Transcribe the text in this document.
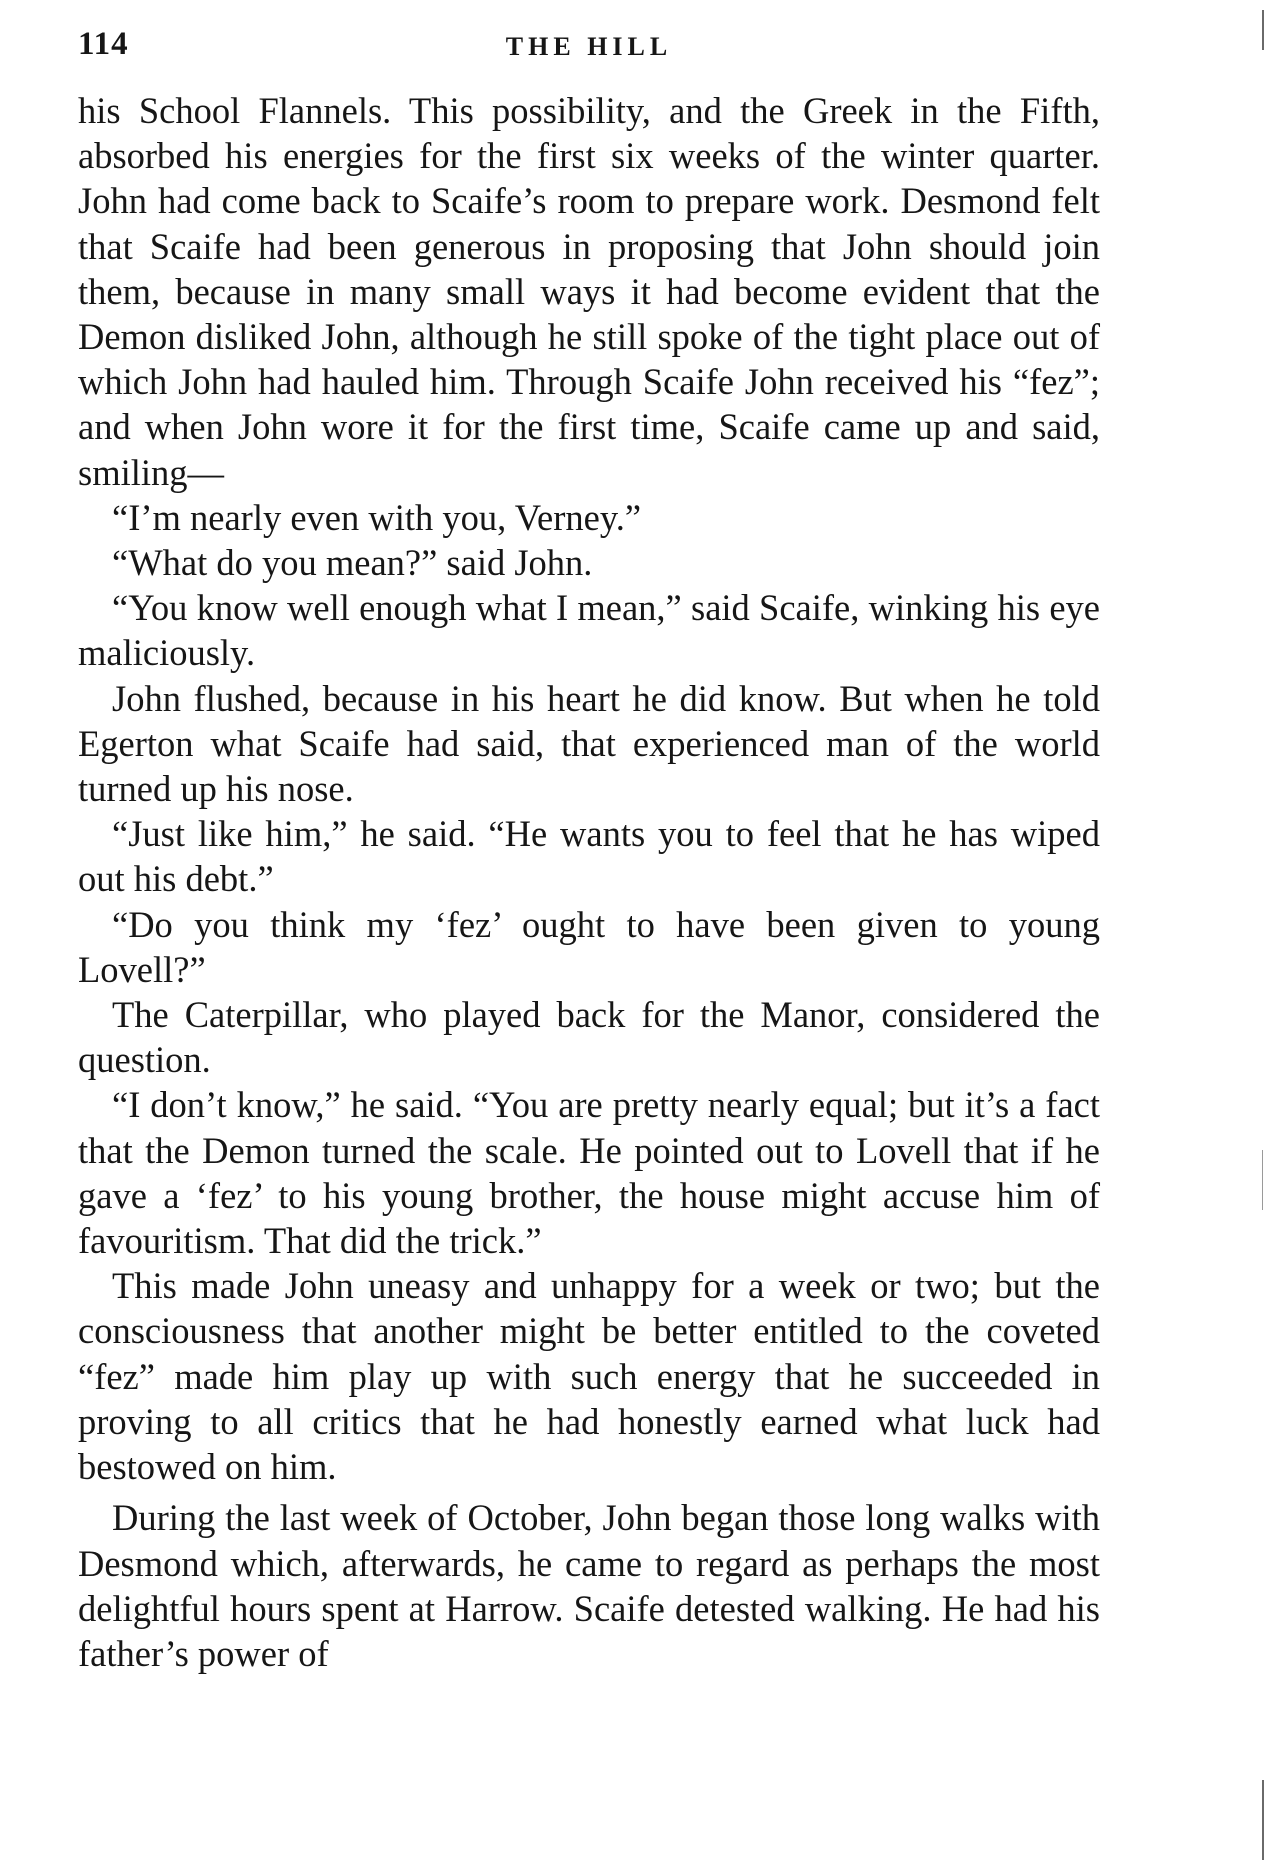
114	THE HILL

his School Flannels. This possibility, and the Greek in the Fifth, absorbed his energies for the first six weeks of the winter quarter. John had come back to Scaife’s room to prepare work. Desmond felt that Scaife had been generous in proposing that John should join them, because in many small ways it had become evident that the Demon disliked John, although he still spoke of the tight place out of which John had hauled him. Through Scaife John received his “fez”; and when John wore it for the first time, Scaife came up and said, smiling—

“I’m nearly even with you, Verney.”

“What do you mean?” said John.

“You know well enough what I mean,” said Scaife, winking his eye maliciously.

John flushed, because in his heart he did know. But when he told Egerton what Scaife had said, that experienced man of the world turned up his nose.

“Just like him,” he said. “He wants you to feel that he has wiped out his debt.”

“Do you think my ‘fez’ ought to have been given to young Lovell?”

The Caterpillar, who played back for the Manor, considered the question.

“I don’t know,” he said. “You are pretty nearly equal; but it’s a fact that the Demon turned the scale. He pointed out to Lovell that if he gave a ‘fez’ to his young brother, the house might accuse him of favouritism. That did the trick.”

This made John uneasy and unhappy for a week or two; but the consciousness that another might be better entitled to the coveted “fez” made him play up with such energy that he succeeded in proving to all critics that he had honestly earned what luck had bestowed on him.

During the last week of October, John began those long walks with Desmond which, afterwards, he came to regard as perhaps the most delightful hours spent at Harrow. Scaife detested walking. He had his father’s power of
